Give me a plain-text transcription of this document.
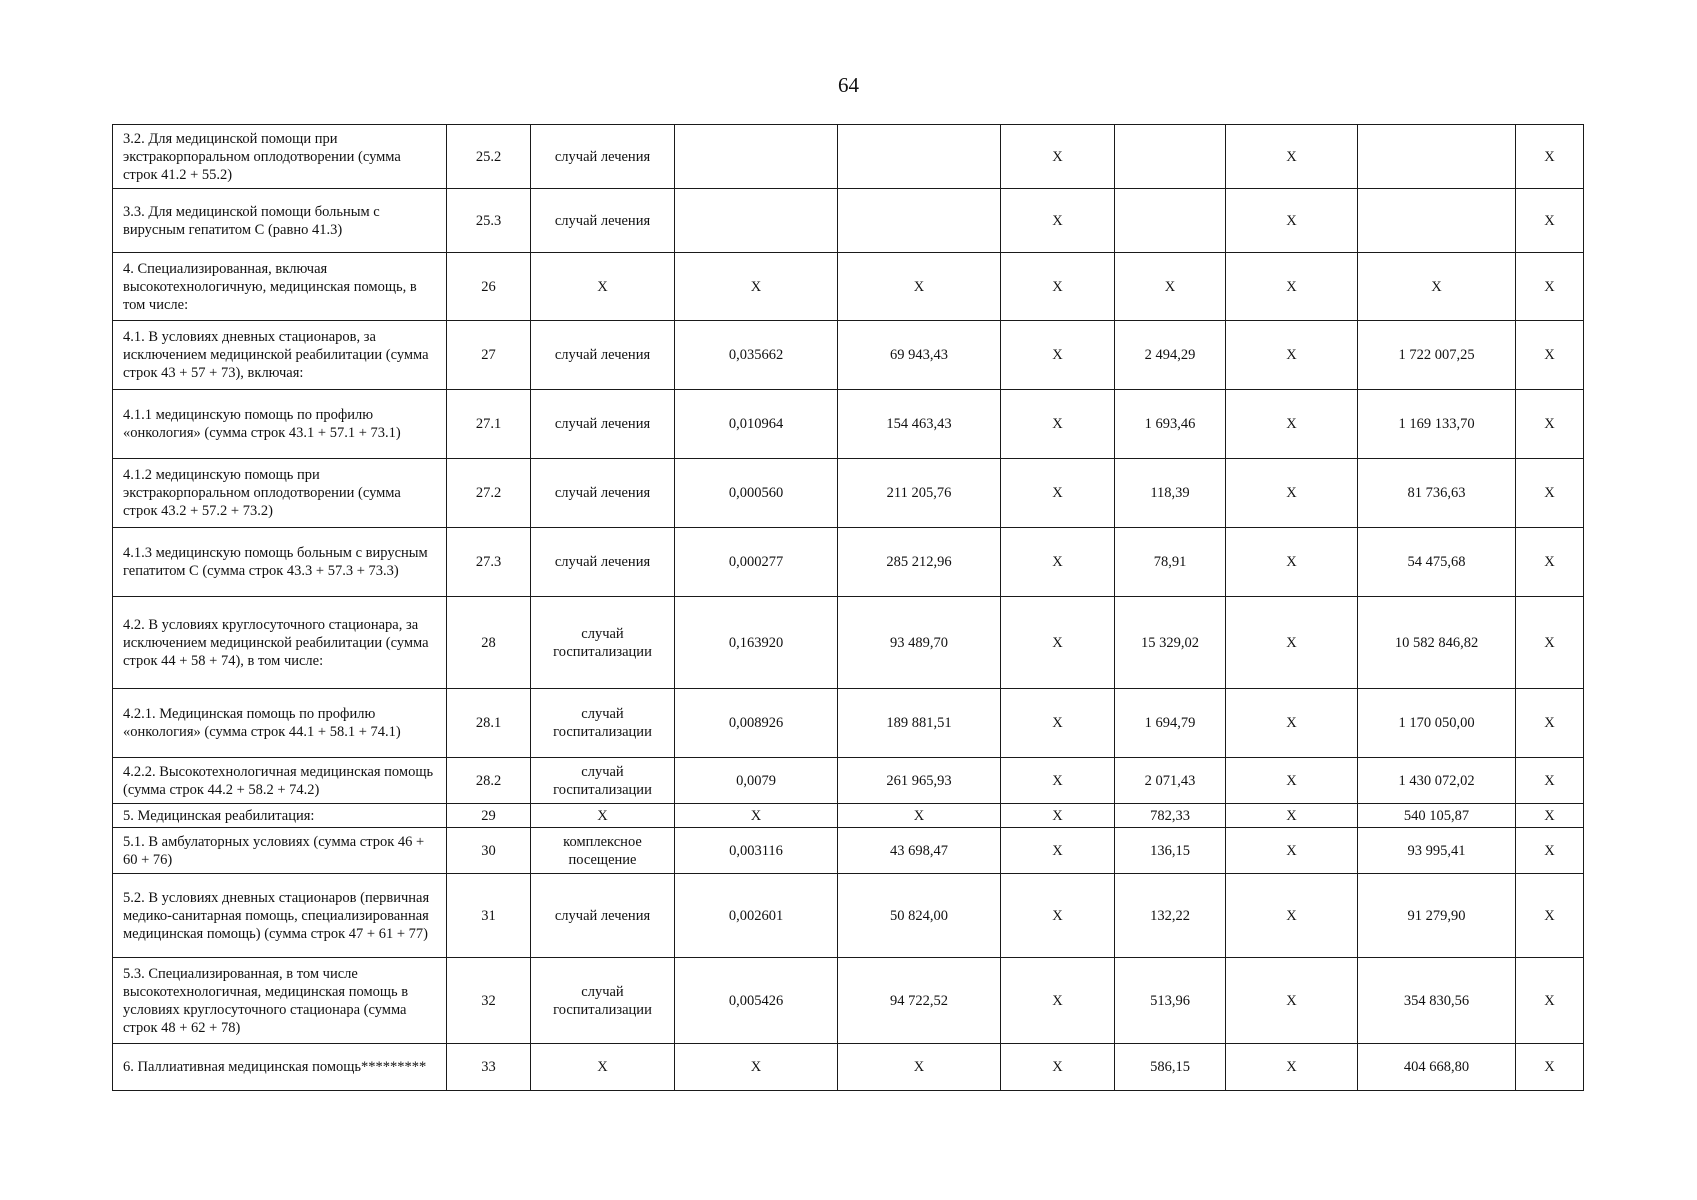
64
3.2. Для медицинской помощи при экстракорпоральном оплодотворении (сумма строк 41.2 + 55.2)	25.2	случай лечения			Х		Х		Х
3.3. Для медицинской помощи больным с вирусным гепатитом С (равно 41.3)	25.3	случай лечения			Х		Х		Х
4. Специализированная, включая высокотехнологичную, медицинская помощь, в том числе:	26	Х	Х	Х	Х	Х	Х	Х	Х
4.1. В условиях дневных стационаров, за исключением медицинской реабилитации (сумма строк 43 + 57 + 73), включая:	27	случай лечения	0,035662	69 943,43	Х	2 494,29	Х	1 722 007,25	Х
4.1.1 медицинскую помощь по профилю «онкология» (сумма строк 43.1 + 57.1 + 73.1)	27.1	случай лечения	0,010964	154 463,43	Х	1 693,46	Х	1 169 133,70	Х
4.1.2 медицинскую помощь при экстракорпоральном оплодотворении (сумма строк 43.2 + 57.2 + 73.2)	27.2	случай лечения	0,000560	211 205,76	Х	118,39	Х	81 736,63	Х
4.1.3 медицинскую помощь больным с вирусным гепатитом С (сумма строк 43.3 + 57.3 + 73.3)	27.3	случай лечения	0,000277	285 212,96	Х	78,91	Х	54 475,68	Х
4.2. В условиях круглосуточного стационара, за исключением медицинской реабилитации (сумма строк 44 + 58 + 74), в том числе:	28	случай госпитализации	0,163920	93 489,70	Х	15 329,02	Х	10 582 846,82	Х
4.2.1. Медицинская помощь по профилю «онкология» (сумма строк 44.1 + 58.1 + 74.1)	28.1	случай госпитализации	0,008926	189 881,51	Х	1 694,79	Х	1 170 050,00	Х
4.2.2. Высокотехнологичная медицинская помощь (сумма строк 44.2 + 58.2 + 74.2)	28.2	случай госпитализации	0,0079	261 965,93	Х	2 071,43	Х	1 430 072,02	Х
5. Медицинская реабилитация:	29	Х	Х	Х	Х	782,33	Х	540 105,87	Х
5.1. В амбулаторных условиях (сумма строк 46 + 60 + 76)	30	комплексное посещение	0,003116	43 698,47	Х	136,15	Х	93 995,41	Х
5.2. В условиях дневных стационаров (первичная медико-санитарная помощь, специализированная медицинская помощь) (сумма строк 47 + 61 + 77)	31	случай лечения	0,002601	50 824,00	Х	132,22	Х	91 279,90	Х
5.3. Специализированная, в том числе высокотехнологичная, медицинская помощь в условиях круглосуточного стационара (сумма строк 48 + 62 + 78)	32	случай госпитализации	0,005426	94 722,52	Х	513,96	Х	354 830,56	Х
6. Паллиативная медицинская помощь*********	33	Х	Х	Х	Х	586,15	Х	404 668,80	Х
